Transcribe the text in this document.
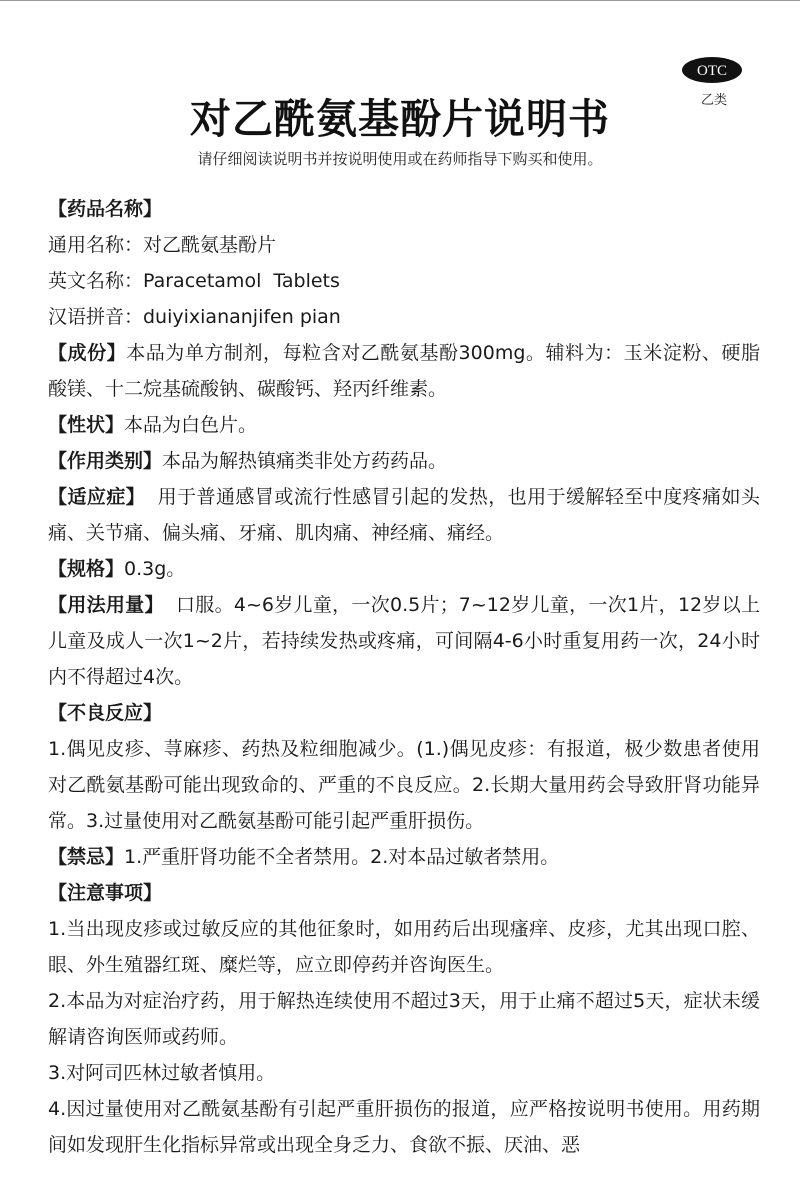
OTC
乙类
对乙酰氨基酚片说明书
请仔细阅读说明书并按说明使用或在药师指导下购买和使用。
【药品名称】
通用名称：对乙酰氨基酚片
英文名称：Paracetamol  Tablets
汉语拼音：duiyixiananjifen pian
【成份】本品为单方制剂，每粒含对乙酰氨基酚300mg。辅料为：玉米淀粉、硬脂酸镁、十二烷基硫酸钠、碳酸钙、羟丙纤维素。
【性状】本品为白色片。
【作用类别】本品为解热镇痛类非处方药药品。
【适应症】 用于普通感冒或流行性感冒引起的发热，也用于缓解轻至中度疼痛如头痛、关节痛、偏头痛、牙痛、肌肉痛、神经痛、痛经。
【规格】0.3g。
【用法用量】 口服。4~6岁儿童，一次0.5片；7~12岁儿童，一次1片，12岁以上儿童及成人一次1~2片，若持续发热或疼痛，可间隔4-6小时重复用药一次，24小时内不得超过4次。
【不良反应】
1.偶见皮疹、荨麻疹、药热及粒细胞减少。(1.)偶见皮疹：有报道，极少数患者使用对乙酰氨基酚可能出现致命的、严重的不良反应。2.长期大量用药会导致肝肾功能异常。3.过量使用对乙酰氨基酚可能引起严重肝损伤。
【禁忌】1.严重肝肾功能不全者禁用。2.对本品过敏者禁用。
【注意事项】
1.当出现皮疹或过敏反应的其他征象时，如用药后出现瘙痒、皮疹，尤其出现口腔、眼、外生殖器红斑、糜烂等，应立即停药并咨询医生。
2.本品为对症治疗药，用于解热连续使用不超过3天，用于止痛不超过5天，症状未缓解请咨询医师或药师。
3.对阿司匹林过敏者慎用。
4.因过量使用对乙酰氨基酚有引起严重肝损伤的报道，应严格按说明书使用。用药期间如发现肝生化指标异常或出现全身乏力、食欲不振、厌油、恶
